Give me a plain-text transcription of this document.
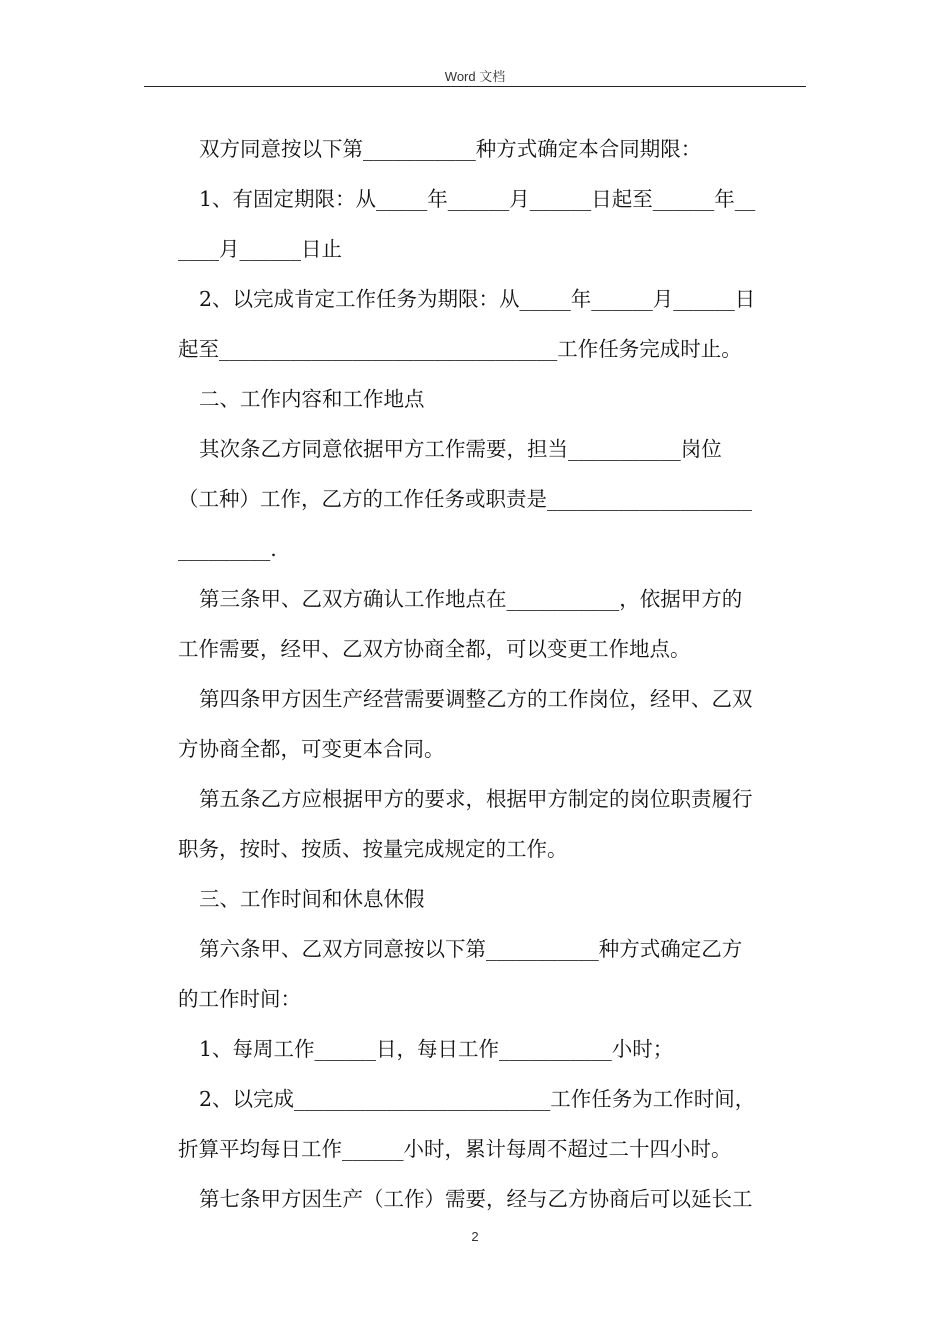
Word 文档
双方同意按以下第___________种方式确定本合同期限：
1、有固定期限：从_____年______月______日起至______年__
____月______日止
2、以完成肯定工作任务为期限：从_____年______月______日
起至_________________________________工作任务完成时止。
二、工作内容和工作地点
其次条乙方同意依据甲方工作需要，担当___________岗位
（工种）工作，乙方的工作任务或职责是____________________
_________.
第三条甲、乙双方确认工作地点在___________，依据甲方的
工作需要，经甲、乙双方协商全都，可以变更工作地点。
第四条甲方因生产经营需要调整乙方的工作岗位，经甲、乙双
方协商全都，可变更本合同。
第五条乙方应根据甲方的要求，根据甲方制定的岗位职责履行
职务，按时、按质、按量完成规定的工作。
三、工作时间和休息休假
第六条甲、乙双方同意按以下第___________种方式确定乙方
的工作时间：
1、每周工作______日，每日工作___________小时；
2、以完成_________________________工作任务为工作时间，
折算平均每日工作______小时，累计每周不超过二十四小时。
第七条甲方因生产（工作）需要，经与乙方协商后可以延长工
2
